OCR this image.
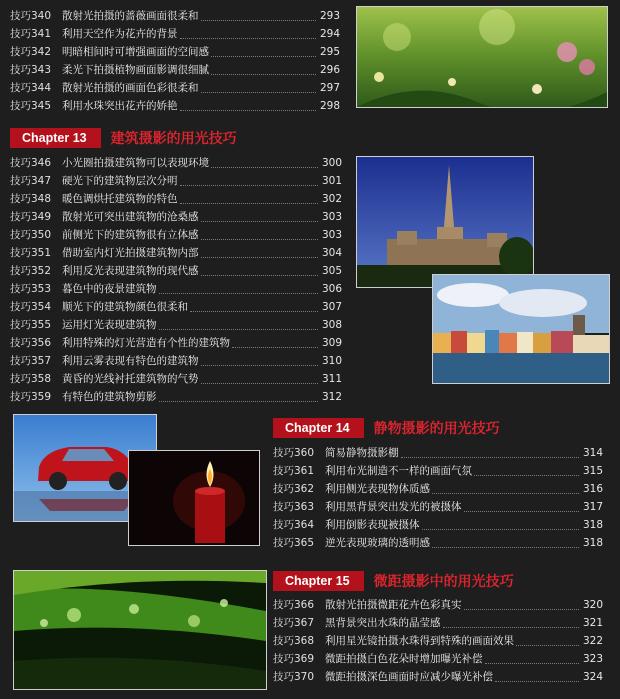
技巧340	散射光拍摄的蔷薇画面很柔和	293
技巧341	利用天空作为花卉的背景	294
技巧342	明暗相间时可增强画面的空间感	295
技巧343	柔光下拍摄植物画面影调很细腻	296
技巧344	散射光拍摄的画面色彩很柔和	297
技巧345	利用水珠突出花卉的娇艳	298
Chapter 13	建筑摄影的用光技巧
技巧346	小光圈拍摄建筑物可以表现环境	300
技巧347	硬光下的建筑物层次分明	301
技巧348	暖色调烘托建筑物的特色	302
技巧349	散射光可突出建筑物的沧桑感	303
技巧350	前侧光下的建筑物很有立体感	303
技巧351	借助室内灯光拍摄建筑物内部	304
技巧352	利用反光表现建筑物的现代感	305
技巧353	暮色中的夜景建筑物	306
技巧354	顺光下的建筑物颜色很柔和	307
技巧355	运用灯光表现建筑物	308
技巧356	利用特殊的灯光营造有个性的建筑物	309
技巧357	利用云雾表现有特色的建筑物	310
技巧358	黄昏的光线衬托建筑物的气势	311
技巧359	有特色的建筑物剪影	312
Chapter 14	静物摄影的用光技巧
技巧360	简易静物摄影棚	314
技巧361	利用布光制造不一样的画面气氛	315
技巧362	利用侧光表现物体质感	316
技巧363	利用黑背景突出发光的被摄体	317
技巧364	利用倒影表现被摄体	318
技巧365	逆光表现玻璃的透明感	318
Chapter 15	微距摄影中的用光技巧
技巧366	散射光拍摄微距花卉色彩真实	320
技巧367	黑背景突出水珠的晶莹感	321
技巧368	利用星光镜拍摄水珠得到特殊的画面效果	322
技巧369	微距拍摄白色花朵时增加曝光补偿	323
技巧370	微距拍摄深色画面时应减少曝光补偿	324
